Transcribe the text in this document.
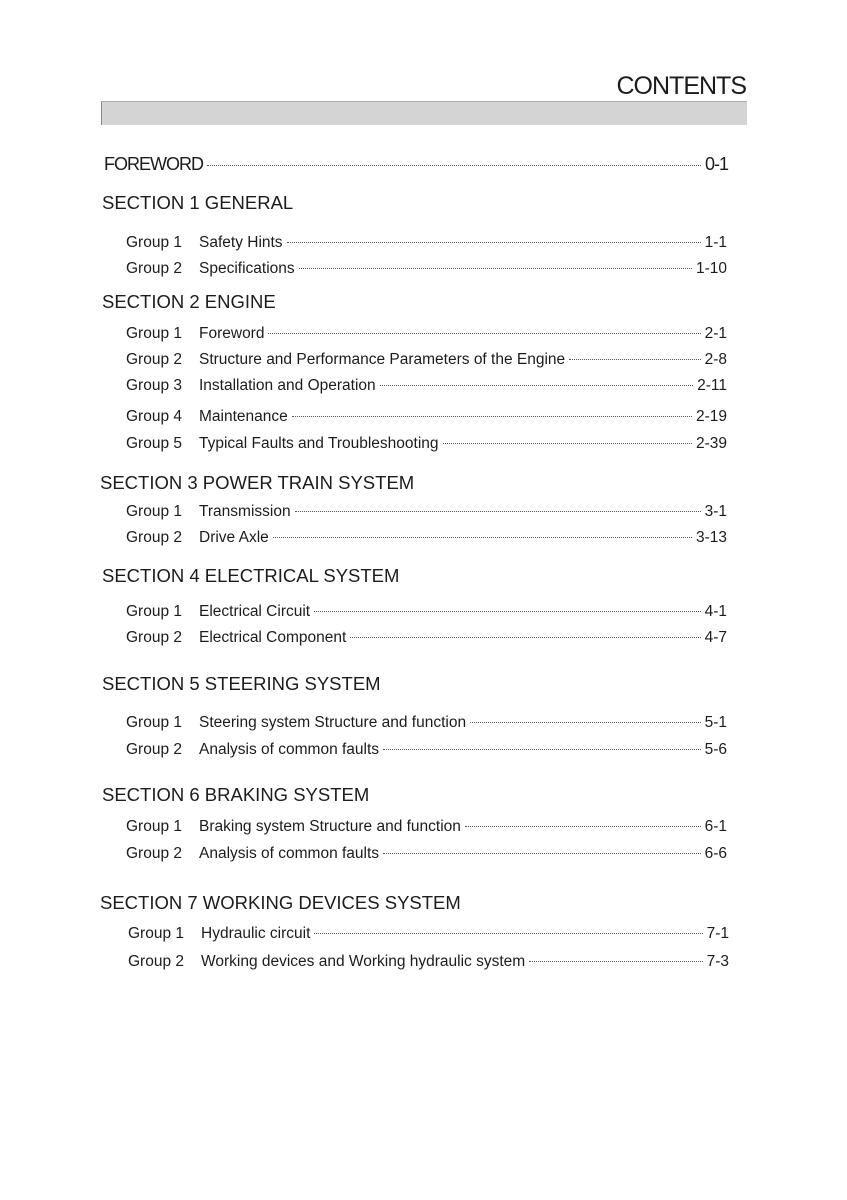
CONTENTS
FOREWORD	0-1
SECTION 1 GENERAL
Group 1	Safety Hints	1-1
Group 2	Specifications	1-10
SECTION 2 ENGINE
Group 1	Foreword	2-1
Group 2	Structure and Performance Parameters of the Engine	2-8
Group 3	Installation and Operation	2-11
Group 4	Maintenance	2-19
Group 5	Typical Faults and Troubleshooting	2-39
SECTION 3 POWER TRAIN SYSTEM
Group 1	Transmission	3-1
Group 2	Drive Axle	3-13
SECTION 4 ELECTRICAL SYSTEM
Group 1	Electrical Circuit	4-1
Group 2	Electrical Component	4-7
SECTION 5 STEERING SYSTEM
Group 1	Steering system Structure and function	5-1
Group 2	Analysis of common faults	5-6
SECTION 6 BRAKING SYSTEM
Group 1	Braking system Structure and function	6-1
Group 2	Analysis of common faults	6-6
SECTION 7 WORKING DEVICES SYSTEM
Group 1	Hydraulic circuit	7-1
Group 2	Working devices and Working hydraulic system	7-3
